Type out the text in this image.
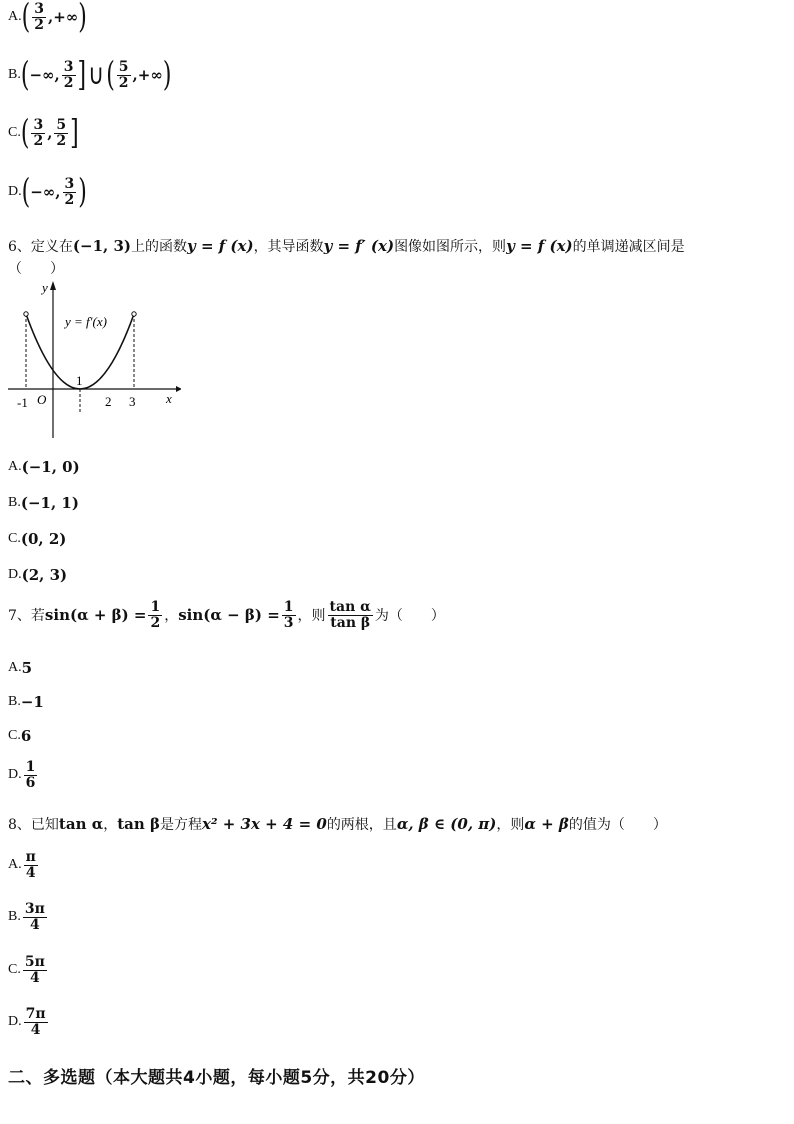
A. ( $\frac{3}{2}$ , +∞ )
B. ( −∞ , $\frac{3}{2}$ ] ∪ ( $\frac{5}{2}$ , +∞ )
C. ( $\frac{3}{2}$ , $\frac{5}{2}$ ]
D. ( −∞ , $\frac{3}{2}$ )
6、 定义在 (−1, 3) 上的函数 y = f (x) ，其导函数 y = f′ (x) 图像如图所示，则 y = f (x) 的单调递减区间是
（　　）
y
x
O
y = f′(x)
-1
1
2 3
A. (−1, 0)
B. (−1, 1)
C. (0, 2)
D. (2, 3)
7、 若 $\sin(\alpha + \beta) = \frac{1}{2}$ ， $\sin(\alpha - \beta) = \frac{1}{3}$ ，则 $\frac{\text{tan α}}{\text{tan β}}$ 为（　　）
A. 5
B. −1
C. 6
D. $\frac{1}{6}$
8、 已知 tan α ， tan β 是方程 x² + 3x + 4 = 0 的两根，且 α, β ∈ (0, π) ，则 α + β 的值为（　　）
A. $\frac{\pi}{4}$
B. $\frac{3\pi}{4}$
C. $\frac{5\pi}{4}$
D. $\frac{7\pi}{4}$
二、多选题（本大题共4小题，每小题5分，共20分）
